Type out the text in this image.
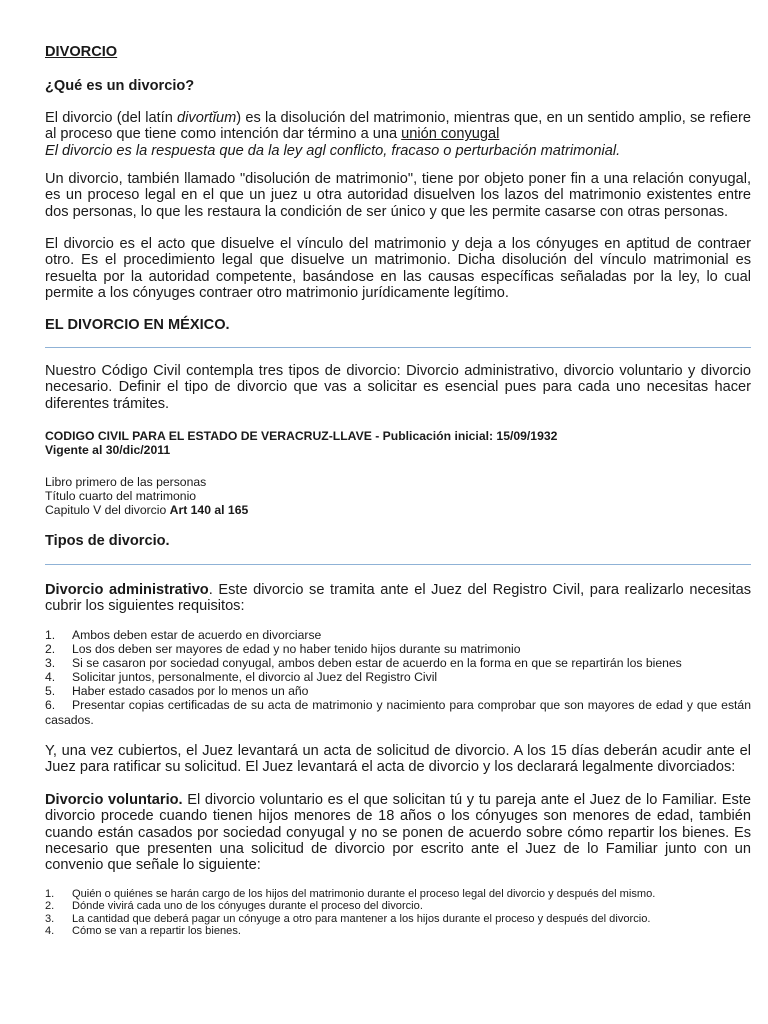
DIVORCIO

¿Qué es un divorcio?

El divorcio (del latín divortĭum) es la disolución del matrimonio, mientras que, en un sentido amplio, se refiere al proceso que tiene como intención dar término a una unión conyugal
El divorcio es la respuesta que da la ley agl conflicto, fracaso o perturbación matrimonial.

Un divorcio, también llamado "disolución de matrimonio", tiene por objeto poner fin a una relación conyugal, es un proceso legal en el que un juez u otra autoridad disuelven los lazos del matrimonio existentes entre dos personas, lo que les restaura la condición de ser único y que les permite casarse con otras personas.

El divorcio es el acto que disuelve el vínculo del matrimonio y deja a los cónyuges en aptitud de contraer otro. Es el procedimiento legal que disuelve un matrimonio. Dicha disolución del vínculo matrimonial es resuelta por la autoridad competente, basándose en las causas específicas señaladas por la ley, lo cual permite a los cónyuges contraer otro matrimonio jurídicamente legítimo.

EL DIVORCIO EN MÉXICO.

Nuestro Código Civil contempla tres tipos de divorcio: Divorcio administrativo, divorcio voluntario y divorcio necesario. Definir el tipo de divorcio que vas a solicitar es esencial pues para cada uno necesitas hacer diferentes trámites.

CODIGO CIVIL PARA EL ESTADO DE VERACRUZ-LLAVE - Publicación inicial: 15/09/1932
Vigente al 30/dic/2011

Libro primero de las personas
Título cuarto del matrimonio
Capitulo V del divorcio Art 140 al 165

Tipos de divorcio.

Divorcio administrativo. Este divorcio se tramita ante el Juez del Registro Civil, para realizarlo necesitas cubrir los siguientes requisitos:

1. Ambos deben estar de acuerdo en divorciarse
2. Los dos deben ser mayores de edad y no haber tenido hijos durante su matrimonio
3. Si se casaron por sociedad conyugal, ambos deben estar de acuerdo en la forma en que se repartirán los bienes
4. Solicitar juntos, personalmente, el divorcio al Juez del Registro Civil
5. Haber estado casados por lo menos un año
6. Presentar copias certificadas de su acta de matrimonio y nacimiento para comprobar que son mayores de edad y que están casados.

Y, una vez cubiertos, el Juez levantará un acta de solicitud de divorcio. A los 15 días deberán acudir ante el Juez para ratificar su solicitud. El Juez levantará el acta de divorcio y los declarará legalmente divorciados:

Divorcio voluntario. El divorcio voluntario es el que solicitan tú y tu pareja ante el Juez de lo Familiar. Este divorcio procede cuando tienen hijos menores de 18 años o los cónyuges son menores de edad, también cuando están casados por sociedad conyugal y no se ponen de acuerdo sobre cómo repartir los bienes. Es necesario que presenten una solicitud de divorcio por escrito ante el Juez de lo Familiar junto con un convenio que señale lo siguiente:

1. Quién o quiénes se harán cargo de los hijos del matrimonio durante el proceso legal del divorcio y después del mismo.
2. Dónde vivirá cada uno de los cónyuges durante el proceso del divorcio.
3. La cantidad que deberá pagar un cónyuge a otro para mantener a los hijos durante el proceso y después del divorcio.
4. Cómo se van a repartir los bienes.
